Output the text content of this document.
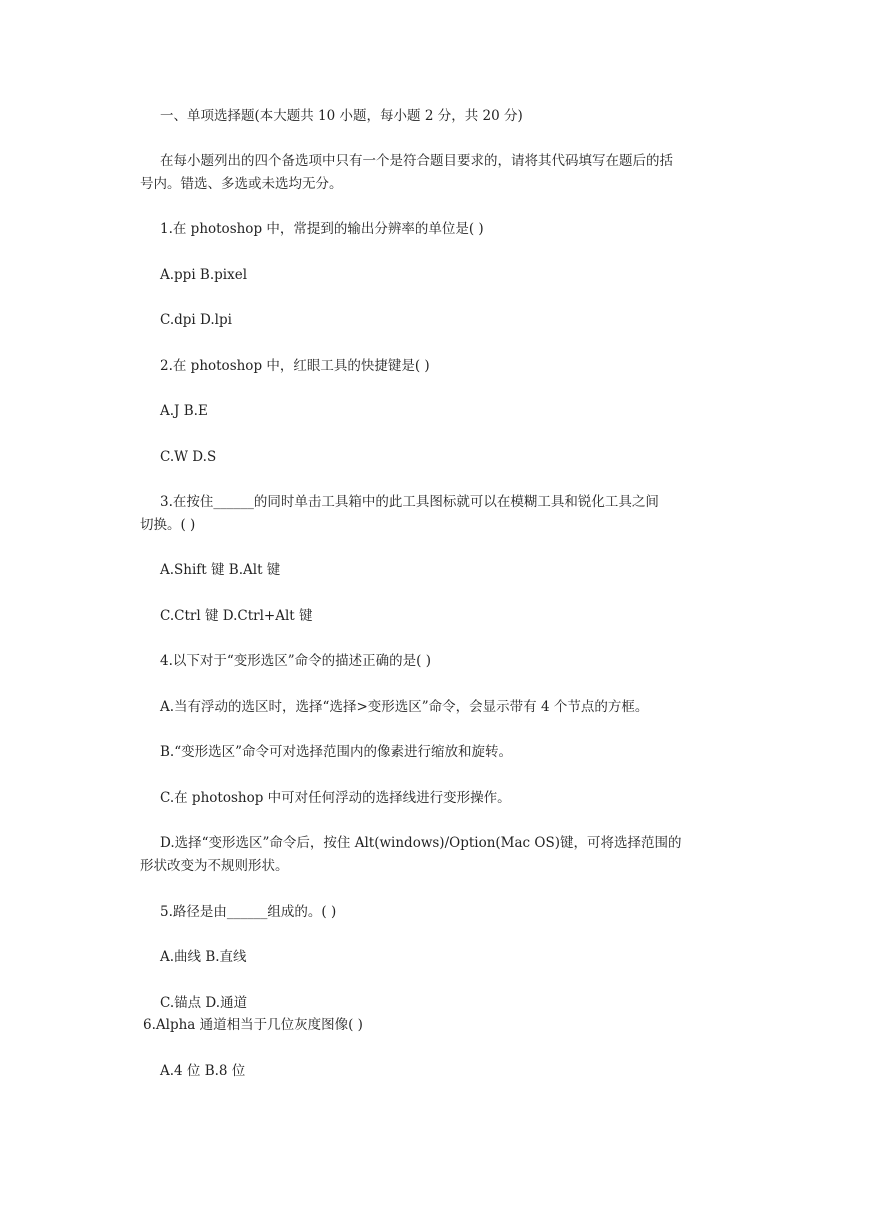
一、单项选择题(本大题共 10 小题，每小题 2 分，共 20 分)
在每小题列出的四个备选项中只有一个是符合题目要求的，请将其代码填写在题后的括
号内。错选、多选或未选均无分。
1.在 photoshop 中，常提到的输出分辨率的单位是( )
A.ppi B.pixel
C.dpi D.lpi
2.在 photoshop 中，红眼工具的快捷键是( )
A.J B.E
C.W D.S
3.在按住______的同时单击工具箱中的此工具图标就可以在模糊工具和锐化工具之间
切换。( )
A.Shift 键 B.Alt 键
C.Ctrl 键 D.Ctrl+Alt 键
4.以下对于“变形选区”命令的描述正确的是( )
A.当有浮动的选区时，选择“选择>变形选区”命令，会显示带有 4 个节点的方框。
B.“变形选区”命令可对选择范围内的像素进行缩放和旋转。
C.在 photoshop 中可对任何浮动的选择线进行变形操作。
D.选择“变形选区”命令后，按住 Alt(windows)/Option(Mac OS)键，可将选择范围的
形状改变为不规则形状。
5.路径是由______组成的。( )
A.曲线 B.直线
C.锚点 D.通道
6.Alpha 通道相当于几位灰度图像( )
A.4 位 B.8 位
